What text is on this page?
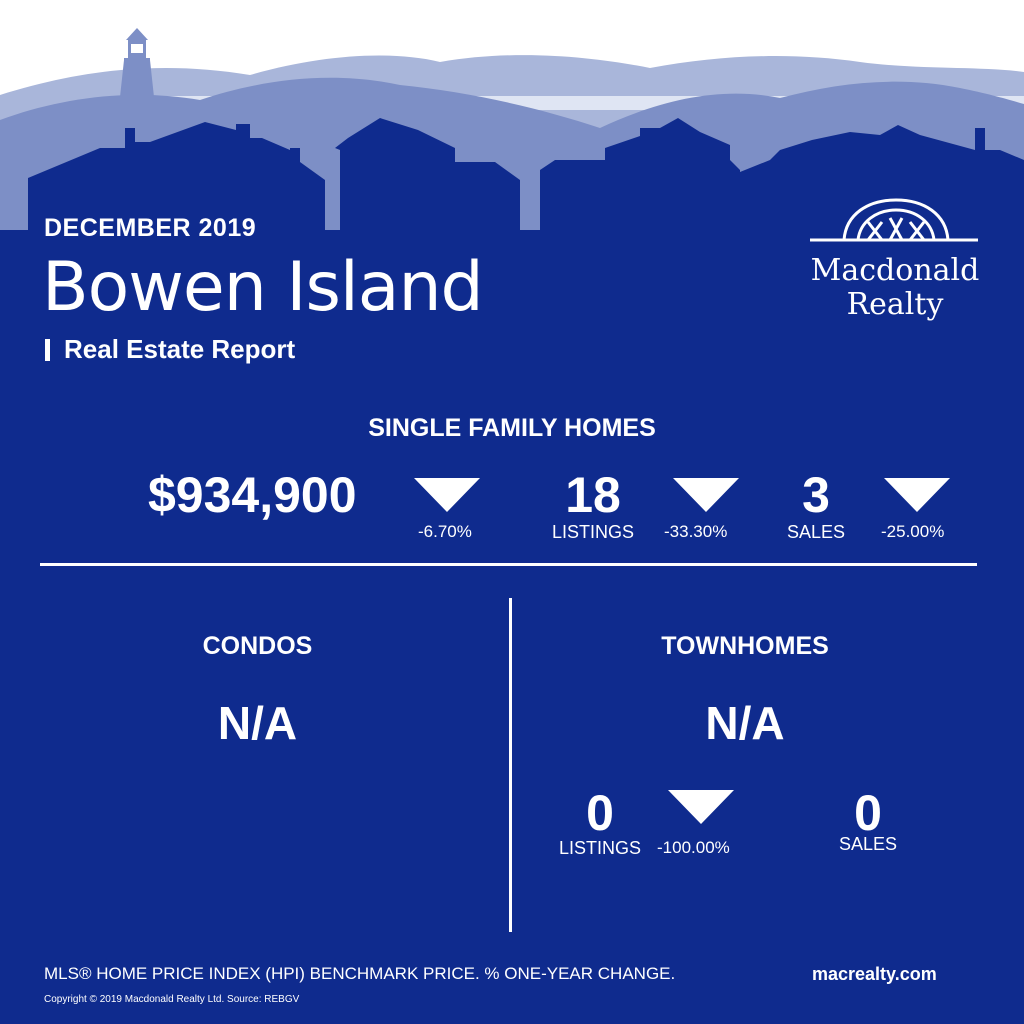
DECEMBER 2019
Bowen Island
Real Estate Report
Macdonald
Realty
SINGLE FAMILY HOMES
$934,900
-6.70%
18
LISTINGS -33.30%
3
SALES	-25.00%
CONDOS
N/A
TOWNHOMES
N/A
0
LISTINGS -100.00%
0
SALES
MLS® HOME PRICE INDEX (HPI) BENCHMARK PRICE. % ONE-YEAR CHANGE.	macrealty.com
Copyright © 2019 Macdonald Realty Ltd. Source: REBGV
